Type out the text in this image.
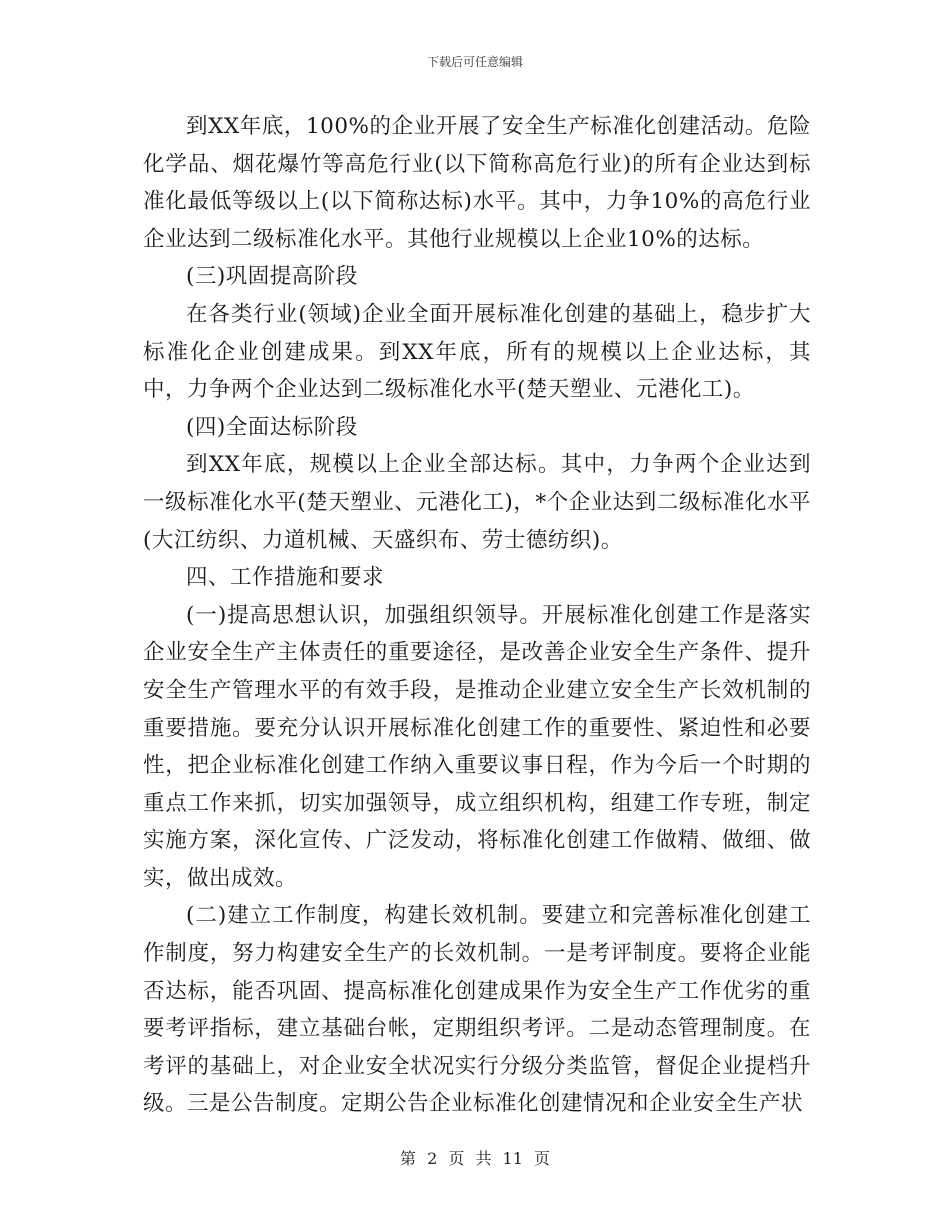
下载后可任意编辑

到XX年底，100%的企业开展了安全生产标准化创建活动。危险化学品、烟花爆竹等高危行业(以下简称高危行业)的所有企业达到标准化最低等级以上(以下简称达标)水平。其中，力争10%的高危行业企业达到二级标准化水平。其他行业规模以上企业10%的达标。

(三)巩固提高阶段

在各类行业(领域)企业全面开展标准化创建的基础上，稳步扩大标准化企业创建成果。到XX年底，所有的规模以上企业达标，其中，力争两个企业达到二级标准化水平(楚天塑业、元港化工)。

(四)全面达标阶段

到XX年底，规模以上企业全部达标。其中，力争两个企业达到一级标准化水平(楚天塑业、元港化工)，*个企业达到二级标准化水平(大江纺织、力道机械、天盛织布、劳士德纺织)。

四、工作措施和要求

(一)提高思想认识，加强组织领导。开展标准化创建工作是落实企业安全生产主体责任的重要途径，是改善企业安全生产条件、提升安全生产管理水平的有效手段，是推动企业建立安全生产长效机制的重要措施。要充分认识开展标准化创建工作的重要性、紧迫性和必要性，把企业标准化创建工作纳入重要议事日程，作为今后一个时期的重点工作来抓，切实加强领导，成立组织机构，组建工作专班，制定实施方案，深化宣传、广泛发动，将标准化创建工作做精、做细、做实，做出成效。

(二)建立工作制度，构建长效机制。要建立和完善标准化创建工作制度，努力构建安全生产的长效机制。一是考评制度。要将企业能否达标，能否巩固、提高标准化创建成果作为安全生产工作优劣的重要考评指标，建立基础台帐，定期组织考评。二是动态管理制度。在考评的基础上，对企业安全状况实行分级分类监管，督促企业提档升级。三是公告制度。定期公告企业标准化创建情况和企业安全生产状

第 2 页 共 11 页
